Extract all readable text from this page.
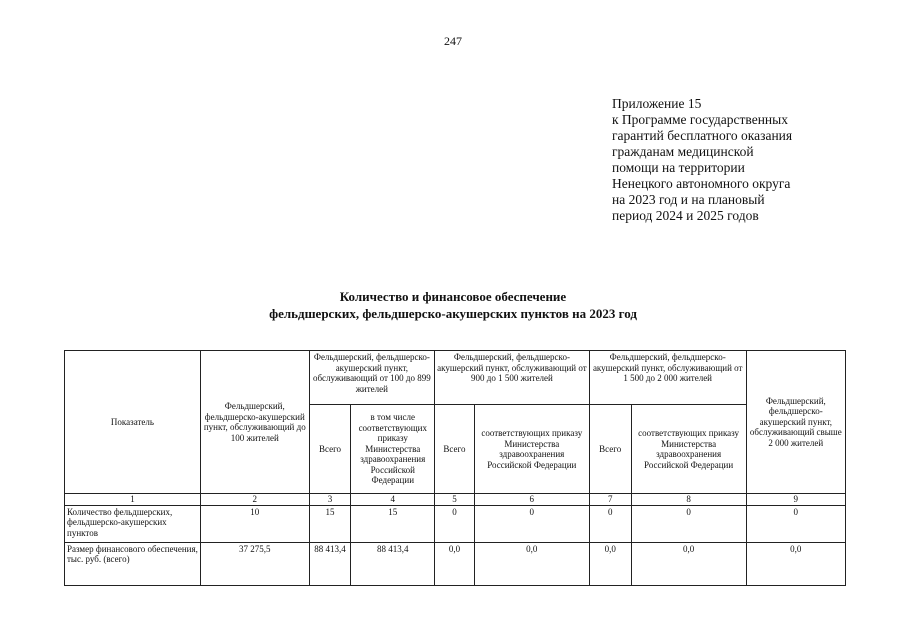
247
Приложение 15
к Программе государственных
гарантий бесплатного оказания
гражданам медицинской
помощи на территории
Ненецкого автономного округа
на 2023 год и на плановый
период 2024 и 2025 годов
Количество и финансовое обеспечение
фельдшерских, фельдшерско-акушерских пунктов на 2023 год
Показатель	Фельдшерский, фельдшерско-акушерский пункт, обслуживающий до 100 жителей	Фельдшерский, фельдшерско-акушерский пункт, обслуживающий от 100 до 899 жителей		Фельдшерский, фельдшерско-акушерский пункт, обслуживающий от 900 до 1 500 жителей		Фельдшерский, фельдшерско-акушерский пункт, обслуживающий от 1 500 до 2 000 жителей		Фельдшерский, фельдшерско-акушерский пункт, обслуживающий свыше 2 000 жителей
		Всего	в том числе соответствующих приказу Министерства здравоохранения Российской Федерации	Всего	соответствующих приказу Министерства здравоохранения Российской Федерации	Всего	соответствующих приказу Министерства здравоохранения Российской Федерации	
1	2	3	4	5	6	7	8	9
Количество фельдшерских, фельдшерско-акушерских пунктов	10	15	15	0	0	0	0	0
Размер финансового обеспечения, тыс. руб. (всего)	37 275,5	88 413,4	88 413,4	0,0	0,0	0,0	0,0	0,0
